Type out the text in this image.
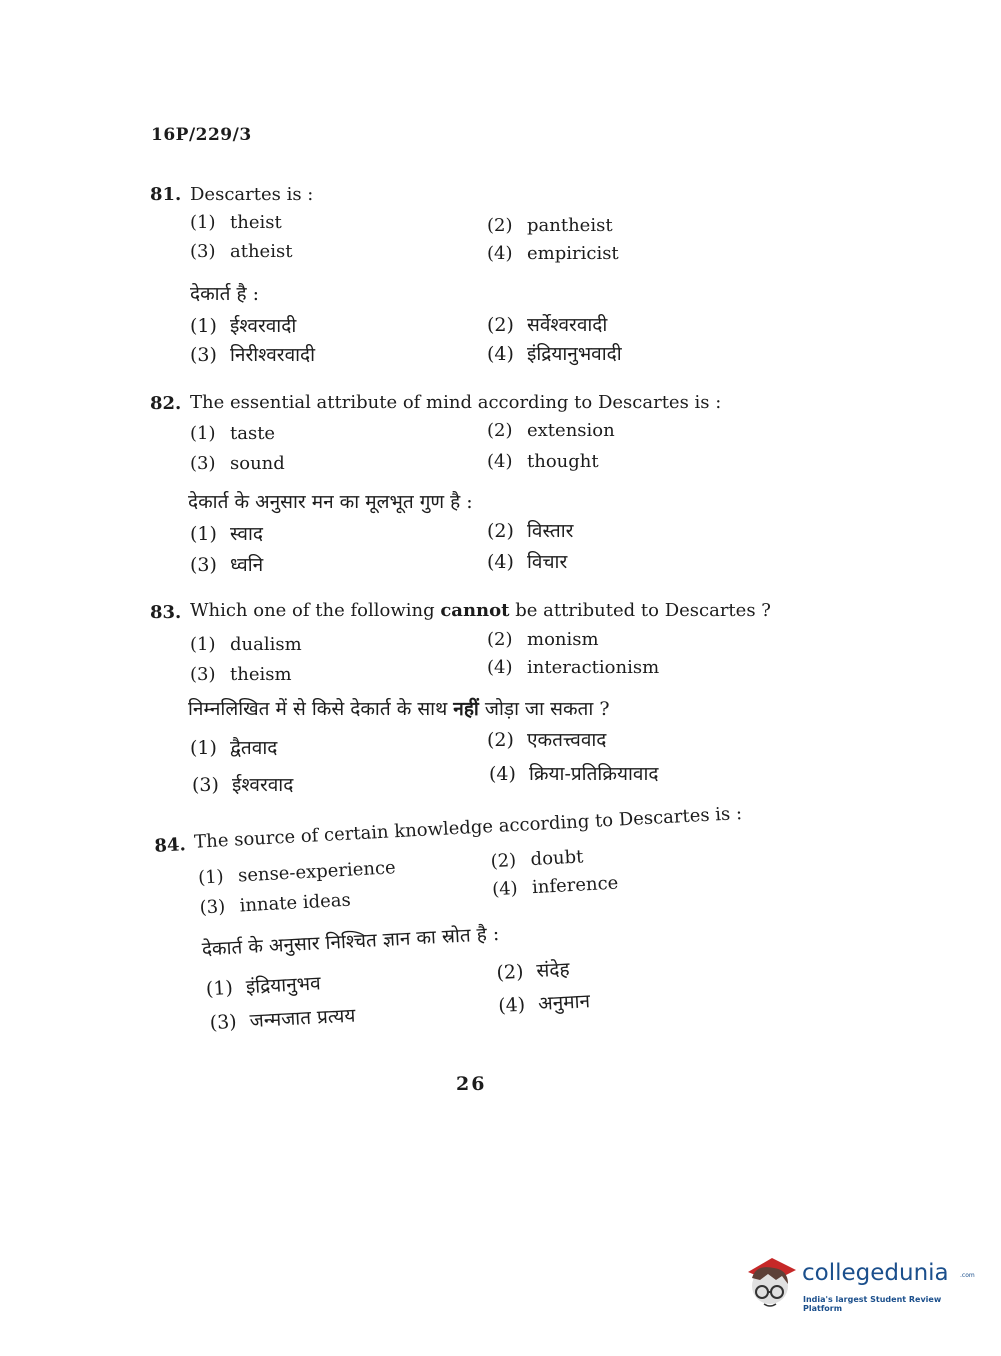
16P/229/3
81. Descartes is :
(1) theist	(2) pantheist
(3) atheist	(4) empiricist
देकार्त है :
(1) ईश्वरवादी	(2) सर्वेश्वरवादी
(3) निरीश्वरवादी	(4) इंद्रियानुभवादी
82. The essential attribute of mind according to Descartes is :
(1) taste	(2) extension
(3) sound	(4) thought
देकार्त के अनुसार मन का मूलभूत गुण है :
(1) स्वाद	(2) विस्तार
(3) ध्वनि	(4) विचार
83. Which one of the following cannot be attributed to Descartes ?
(1) dualism	(2) monism
(3) theism	(4) interactionism
निम्नलिखित में से किसे देकार्त के साथ नहीं जोड़ा जा सकता ?
(1) द्वैतवाद	(2) एकतत्त्ववाद
(3) ईश्वरवाद	(4) क्रिया-प्रतिक्रियावाद
84. The source of certain knowledge according to Descartes is :
(1) sense-experience	(2) doubt
(3) innate ideas
(4) inference
देकार्त के अनुसार निश्चित ज्ञान का स्रोत है :
(1) इंद्रियानुभव	(2) संदेह
(3) जन्मजात प्रत्यय	(4) अनुमान
26
collegedunia .com
India's largest Student Review Platform
